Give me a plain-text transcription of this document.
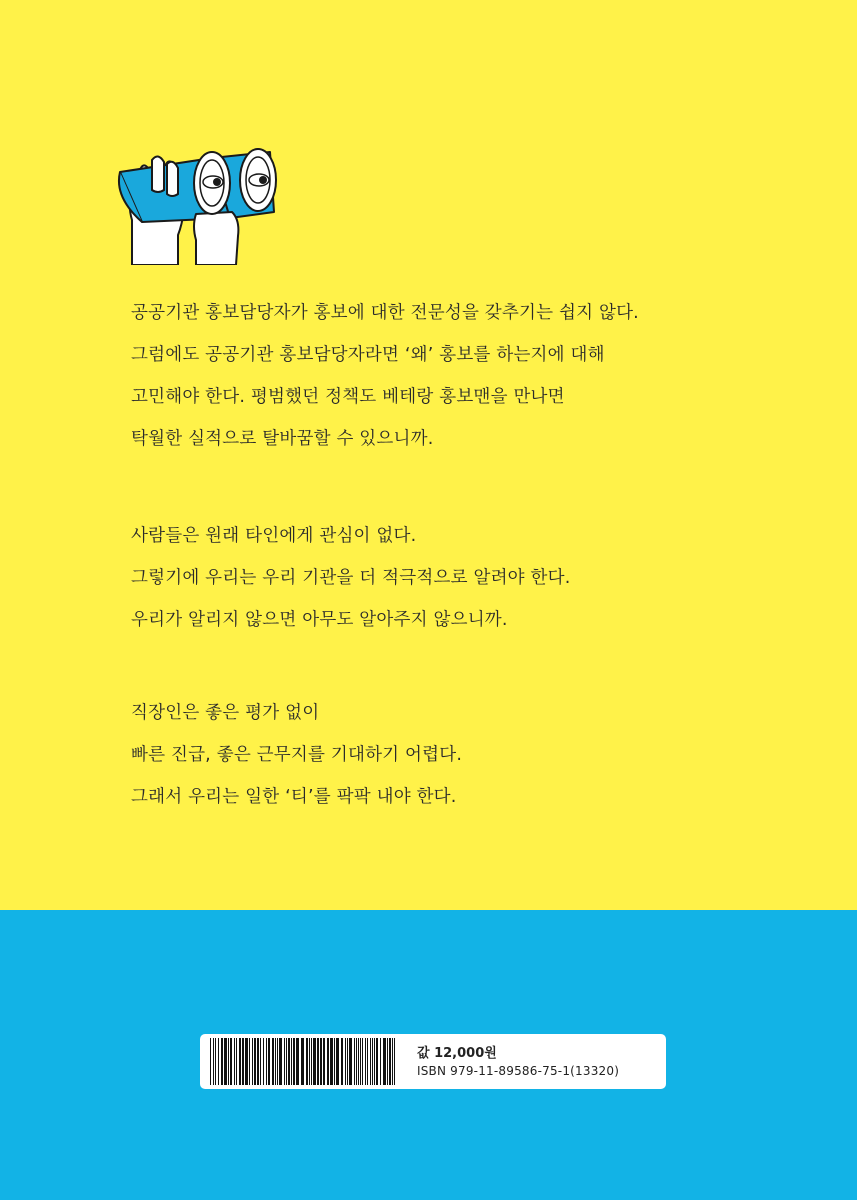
공공기관 홍보담당자가 홍보에 대한 전문성을 갖추기는 쉽지 않다.
그럼에도 공공기관 홍보담당자라면 ‘왜’ 홍보를 하는지에 대해
고민해야 한다. 평범했던 정책도 베테랑 홍보맨을 만나면
탁월한 실적으로 탈바꿈할 수 있으니까.

사람들은 원래 타인에게 관심이 없다.
그렇기에 우리는 우리 기관을 더 적극적으로 알려야 한다.
우리가 알리지 않으면 아무도 알아주지 않으니까.

직장인은 좋은 평가 없이
빠른 진급, 좋은 근무지를 기대하기 어렵다.
그래서 우리는 일한 ‘티’를 팍팍 내야 한다.

값 12,000원
ISBN 979-11-89586-75-1(13320)
